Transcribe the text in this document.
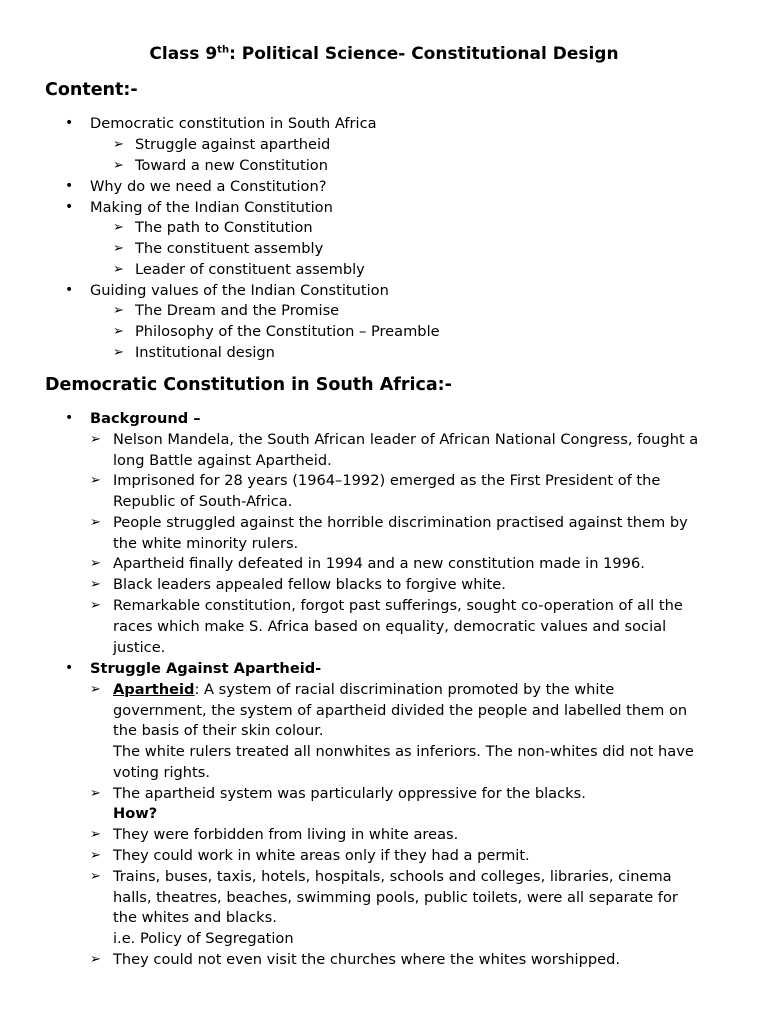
Class 9th: Political Science- Constitutional Design
Content:-
• Democratic constitution in South Africa
➢ Struggle against apartheid
➢ Toward a new Constitution
• Why do we need a Constitution?
• Making of the Indian Constitution
➢ The path to Constitution
➢ The constituent assembly
➢ Leader of constituent assembly
• Guiding values of the Indian Constitution
➢ The Dream and the Promise
➢ Philosophy of the Constitution – Preamble
➢ Institutional design
Democratic Constitution in South Africa:-
• Background –
➢ Nelson Mandela, the South African leader of African National Congress, fought a
long Battle against Apartheid.
➢ Imprisoned for 28 years (1964–1992) emerged as the First President of the
Republic of South-Africa.
➢ People struggled against the horrible discrimination practised against them by
the white minority rulers.
➢ Apartheid finally defeated in 1994 and a new constitution made in 1996.
➢ Black leaders appealed fellow blacks to forgive white.
➢ Remarkable constitution, forgot past sufferings, sought co-operation of all the
races which make S. Africa based on equality, democratic values and social
justice.
• Struggle Against Apartheid-
➢ Apartheid: A system of racial discrimination promoted by the white
government, the system of apartheid divided the people and labelled them on
the basis of their skin colour.
The white rulers treated all nonwhites as inferiors. The non-whites did not have
voting rights.
➢ The apartheid system was particularly oppressive for the blacks.
How?
➢ They were forbidden from living in white areas.
➢ They could work in white areas only if they had a permit.
➢ Trains, buses, taxis, hotels, hospitals, schools and colleges, libraries, cinema
halls, theatres, beaches, swimming pools, public toilets, were all separate for
the whites and blacks.
i.e. Policy of Segregation
➢ They could not even visit the churches where the whites worshipped.
